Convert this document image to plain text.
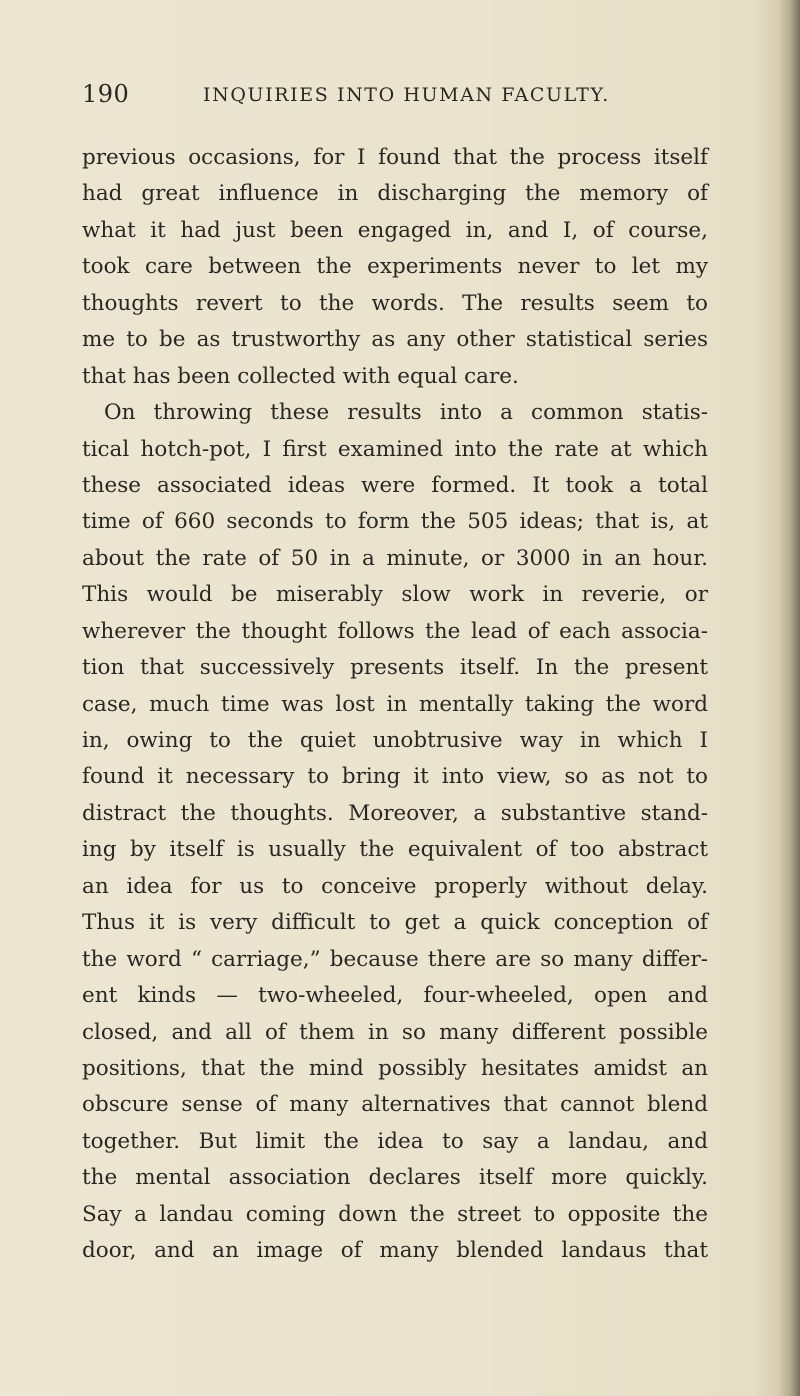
190	INQUIRIES INTO HUMAN FACULTY.
previous occasions, for I found that the process itself
had great influence in discharging the memory of
what it had just been engaged in, and I, of course,
took care between the experiments never to let my
thoughts revert to the words. The results seem to
me to be as trustworthy as any other statistical series
that has been collected with equal care.
On throwing these results into a common statis-
tical hotch-pot, I first examined into the rate at which
these associated ideas were formed. It took a total
time of 660 seconds to form the 505 ideas; that is, at
about the rate of 50 in a minute, or 3000 in an hour.
This would be miserably slow work in reverie, or
wherever the thought follows the lead of each associa-
tion that successively presents itself. In the present
case, much time was lost in mentally taking the word
in, owing to the quiet unobtrusive way in which I
found it necessary to bring it into view, so as not to
distract the thoughts. Moreover, a substantive stand-
ing by itself is usually the equivalent of too abstract
an idea for us to conceive properly without delay.
Thus it is very difficult to get a quick conception of
the word “ carriage,” because there are so many differ-
ent kinds — two-wheeled, four-wheeled, open and
closed, and all of them in so many different possible
positions, that the mind possibly hesitates amidst an
obscure sense of many alternatives that cannot blend
together. But limit the idea to say a landau, and
the mental association declares itself more quickly.
Say a landau coming down the street to opposite the
door, and an image of many blended landaus that
